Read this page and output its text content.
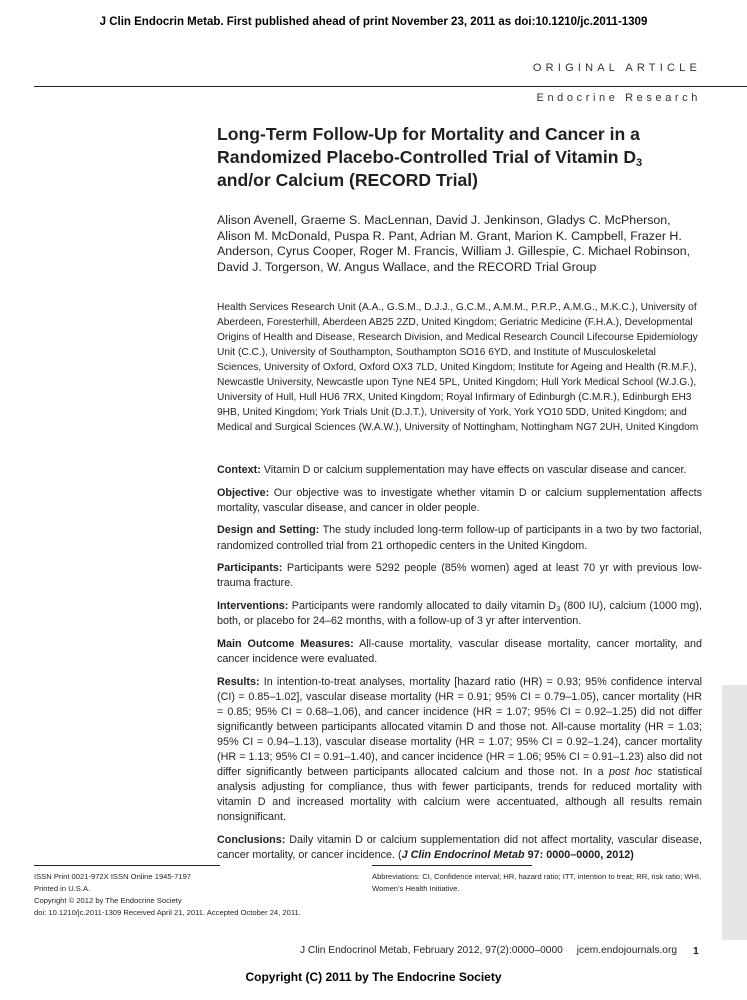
J Clin Endocrin Metab. First published ahead of print November 23, 2011 as doi:10.1210/jc.2011-1309
ORIGINAL ARTICLE
Endocrine Research
Long-Term Follow-Up for Mortality and Cancer in a Randomized Placebo-Controlled Trial of Vitamin $D_3$ and/or Calcium (RECORD Trial)

Alison Avenell, Graeme S. MacLennan, David J. Jenkinson, Gladys C. McPherson, Alison M. McDonald, Puspa R. Pant, Adrian M. Grant, Marion K. Campbell, Frazer H. Anderson, Cyrus Cooper, Roger M. Francis, William J. Gillespie, C. Michael Robinson, David J. Torgerson, W. Angus Wallace, and the RECORD Trial Group

Health Services Research Unit (A.A., G.S.M., D.J.J., G.C.M., A.M.M., P.R.P., A.M.G., M.K.C.), University of Aberdeen, Foresterhill, Aberdeen AB25 2ZD, United Kingdom; Geriatric Medicine (F.H.A.), Developmental Origins of Health and Disease, Research Division, and Medical Research Council Lifecourse Epidemiology Unit (C.C.), University of Southampton, Southampton SO16 6YD, and Institute of Musculoskeletal Sciences, University of Oxford, Oxford OX3 7LD, United Kingdom; Institute for Ageing and Health (R.M.F.), Newcastle University, Newcastle upon Tyne NE4 5PL, United Kingdom; Hull York Medical School (W.J.G.), University of Hull, Hull HU6 7RX, United Kingdom; Royal Infirmary of Edinburgh (C.M.R.), Edinburgh EH3 9HB, United Kingdom; York Trials Unit (D.J.T.), University of York, York YO10 5DD, United Kingdom; and Medical and Surgical Sciences (W.A.W.), University of Nottingham, Nottingham NG7 2UH, United Kingdom

Context: Vitamin D or calcium supplementation may have effects on vascular disease and cancer.

Objective: Our objective was to investigate whether vitamin D or calcium supplementation affects mortality, vascular disease, and cancer in older people.

Design and Setting: The study included long-term follow-up of participants in a two by two factorial, randomized controlled trial from 21 orthopedic centers in the United Kingdom.

Participants: Participants were 5292 people (85% women) aged at least 70 yr with previous low-trauma fracture.

Interventions: Participants were randomly allocated to daily vitamin $D_3$ (800 IU), calcium (1000 mg), both, or placebo for 24–62 months, with a follow-up of 3 yr after intervention.

Main Outcome Measures: All-cause mortality, vascular disease mortality, cancer mortality, and cancer incidence were evaluated.

Results: In intention-to-treat analyses, mortality [hazard ratio (HR) = 0.93; 95% confidence interval (CI) = 0.85–1.02], vascular disease mortality (HR = 0.91; 95% CI = 0.79–1.05), cancer mortality (HR = 0.85; 95% CI = 0.68–1.06), and cancer incidence (HR = 1.07; 95% CI = 0.92–1.25) did not differ significantly between participants allocated vitamin D and those not. All-cause mortality (HR = 1.03; 95% CI = 0.94–1.13), vascular disease mortality (HR = 1.07; 95% CI = 0.92–1.24), cancer mortality (HR = 1.13; 95% CI = 0.91–1.40), and cancer incidence (HR = 1.06; 95% CI = 0.91–1.23) also did not differ significantly between participants allocated calcium and those not. In a post hoc statistical analysis adjusting for compliance, thus with fewer participants, trends for reduced mortality with vitamin D and increased mortality with calcium were accentuated, although all results remain nonsignificant.

Conclusions: Daily vitamin D or calcium supplementation did not affect mortality, vascular disease, cancer mortality, or cancer incidence. (J Clin Endocrinol Metab 97: 0000–0000, 2012)

ISSN Print 0021-972X ISSN Online 1945-7197
Printed in U.S.A.
Copyright © 2012 by The Endocrine Society
doi: 10.1210/jc.2011-1309 Received April 21, 2011. Accepted October 24, 2011.
Abbreviations: CI, Confidence interval; HR, hazard ratio; ITT, intention to treat; RR, risk ratio; WHI, Women’s Health Initiative.
J Clin Endocrinol Metab, February 2012, 97(2):0000–0000 jcem.endojournals.org 1
Copyright (C) 2011 by The Endocrine Society
